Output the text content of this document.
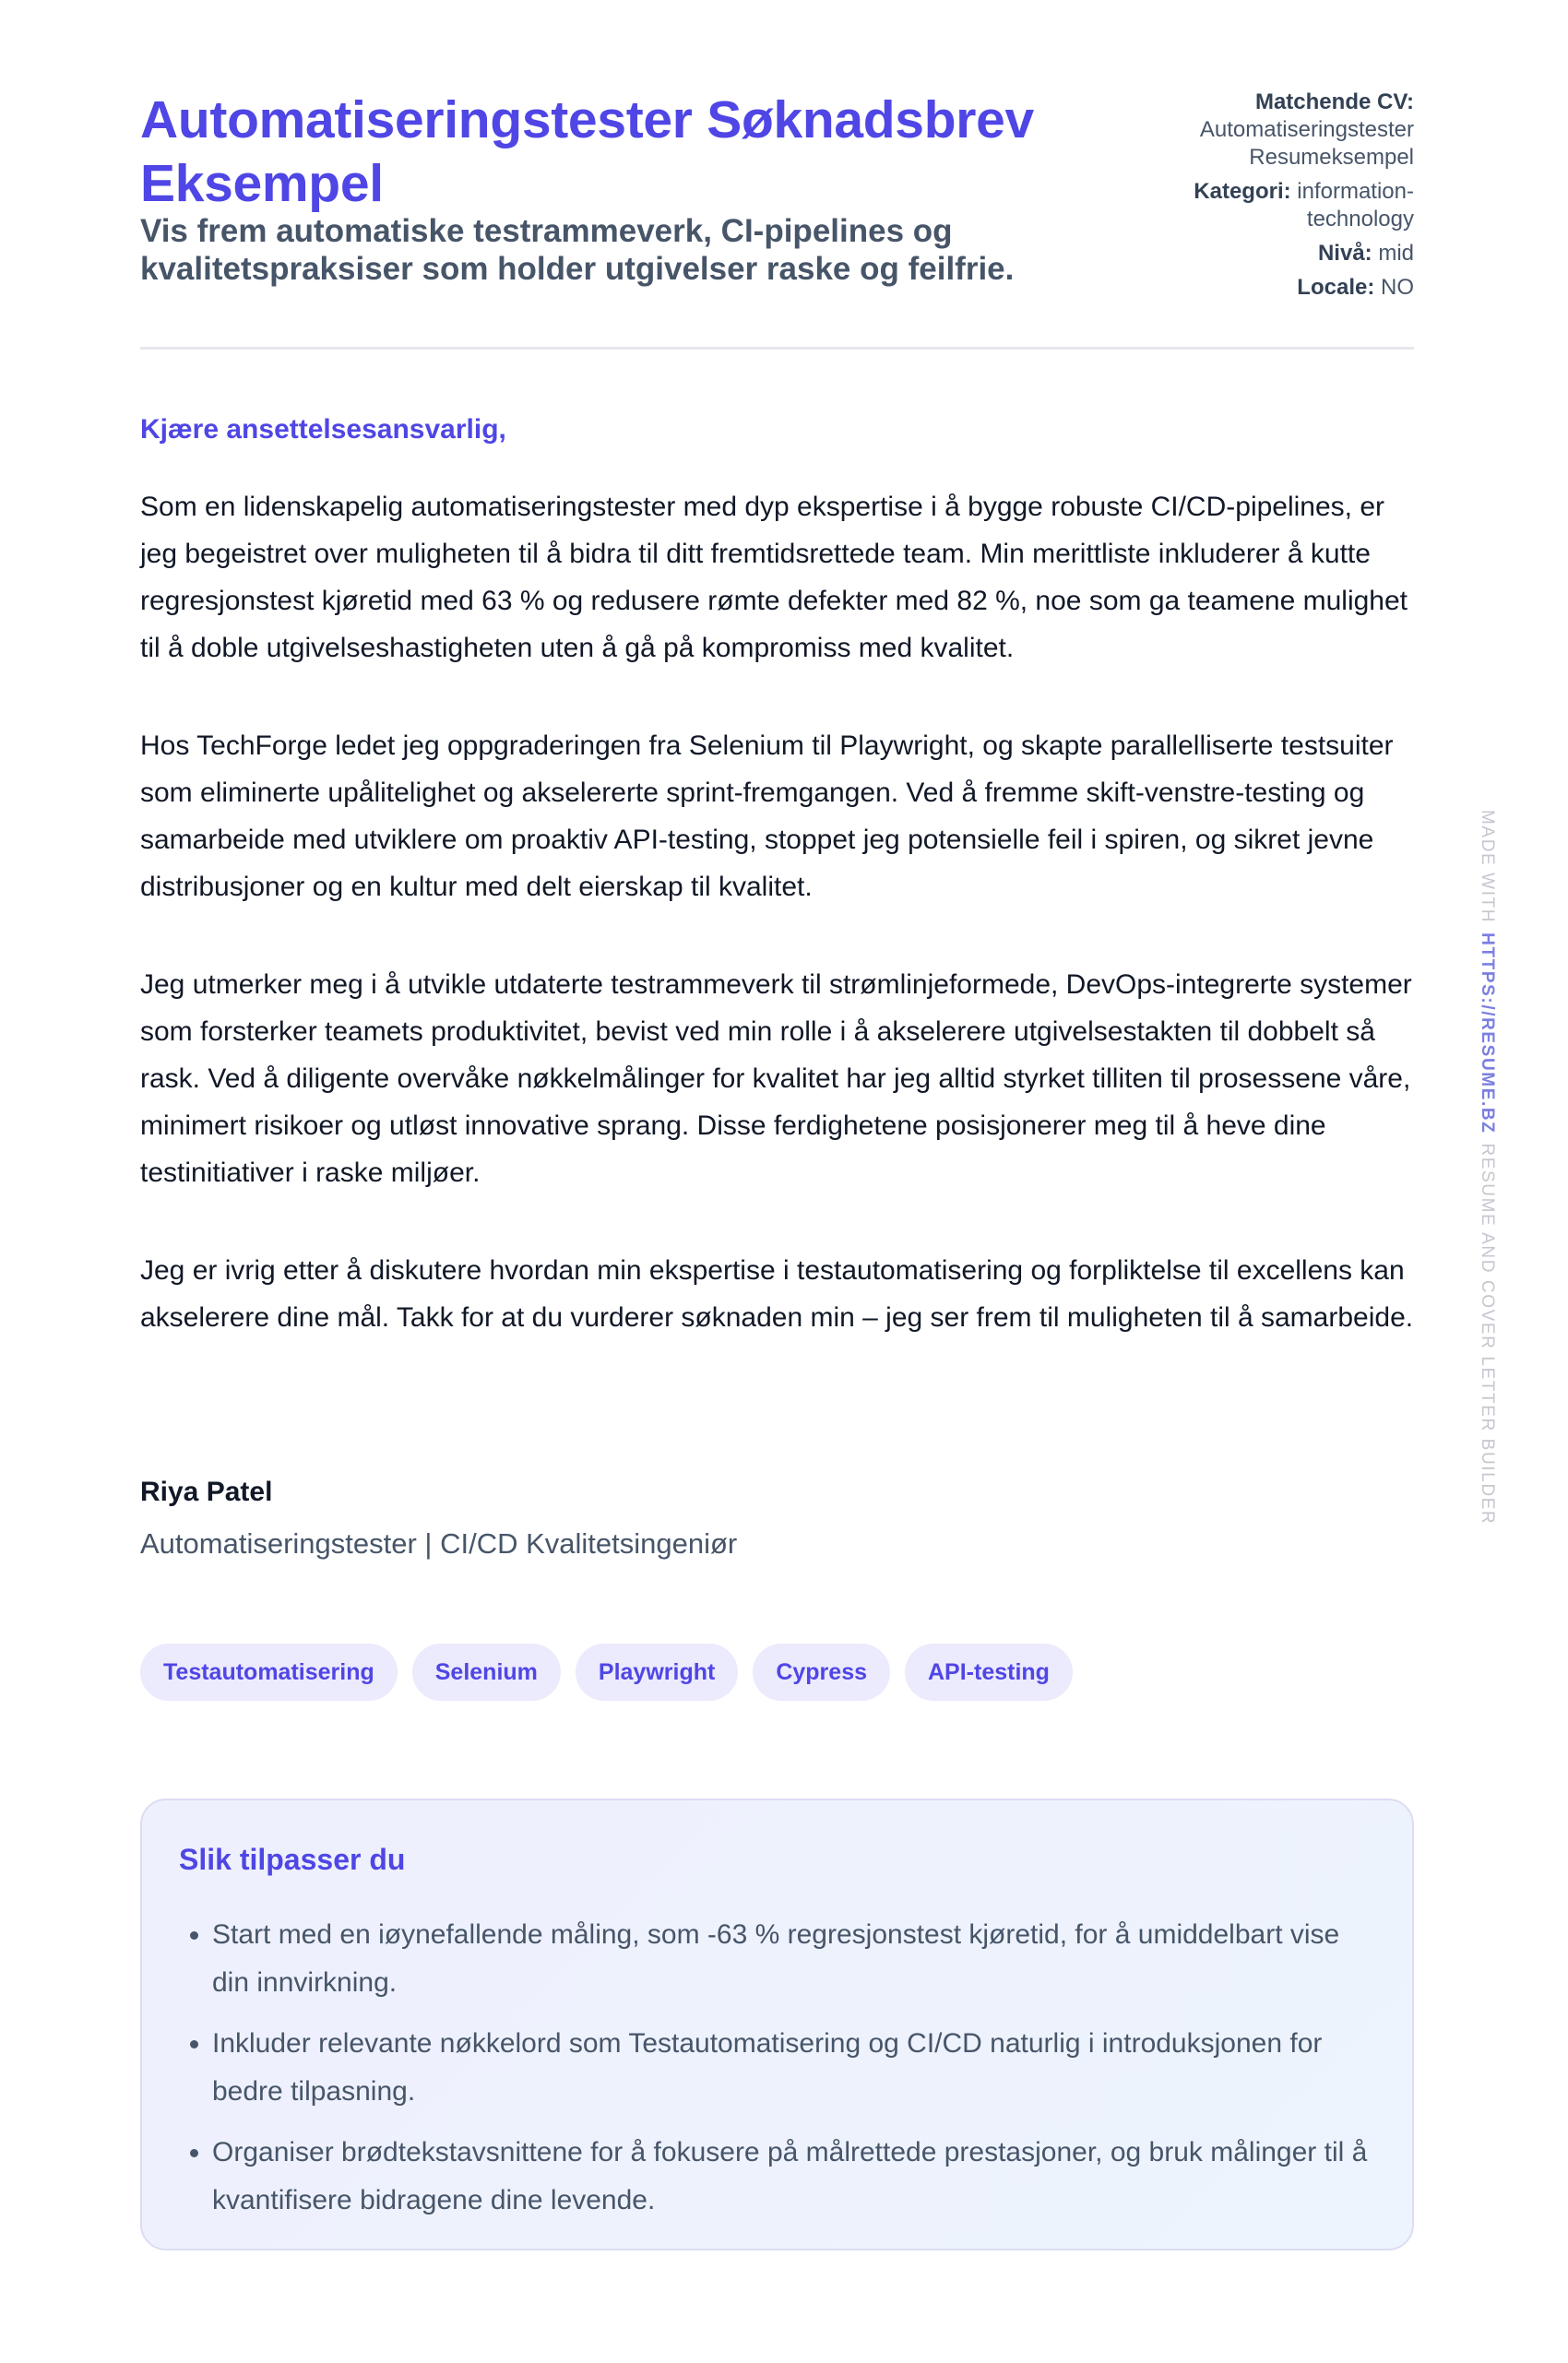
Automatiseringstester Søknadsbrev Eksempel
Vis frem automatiske testrammeverk, CI-pipelines og kvalitetspraksiser som holder utgivelser raske og feilfrie.
Matchende CV:
Automatiseringstester Resumeksempel
Kategori: information-technology
Nivå: mid
Locale: NO

Kjære ansettelsesansvarlig,

Som en lidenskapelig automatiseringstester med dyp ekspertise i å bygge robuste CI/CD-pipelines, er jeg begeistret over muligheten til å bidra til ditt fremtidsrettede team. Min merittliste inkluderer å kutte regresjonstest kjøretid med 63 % og redusere rømte defekter med 82 %, noe som ga teamene mulighet til å doble utgivelseshastigheten uten å gå på kompromiss med kvalitet.

Hos TechForge ledet jeg oppgraderingen fra Selenium til Playwright, og skapte parallelliserte testsuiter som eliminerte upålitelighet og akselererte sprint-fremgangen. Ved å fremme skift-venstre-testing og samarbeide med utviklere om proaktiv API-testing, stoppet jeg potensielle feil i spiren, og sikret jevne distribusjoner og en kultur med delt eierskap til kvalitet.

Jeg utmerker meg i å utvikle utdaterte testrammeverk til strømlinjeformede, DevOps-integrerte systemer som forsterker teamets produktivitet, bevist ved min rolle i å akselerere utgivelsestakten til dobbelt så rask. Ved å diligente overvåke nøkkelmålinger for kvalitet har jeg alltid styrket tilliten til prosessene våre, minimert risikoer og utløst innovative sprang. Disse ferdighetene posisjonerer meg til å heve dine testinitiativer i raske miljøer.

Jeg er ivrig etter å diskutere hvordan min ekspertise i testautomatisering og forpliktelse til excellens kan akselerere dine mål. Takk for at du vurderer søknaden min – jeg ser frem til muligheten til å samarbeide.

Riya Patel

Automatiseringstester | CI/CD Kvalitetsingeniør

Testautomatisering	Selenium	Playwright	Cypress	API-testing
Slik tilpasser du
• Start med en iøynefallende måling, som -63 % regresjonstest kjøretid, for å umiddelbart vise din innvirkning.
• Inkluder relevante nøkkelord som Testautomatisering og CI/CD naturlig i introduksjonen for bedre tilpasning.
• Organiser brødtekstavsnittene for å fokusere på målrettede prestasjoner, og bruk målinger til å kvantifisere bidragene dine levende.
MADE WITHHTTPS://RESUME.BZRESUME AND COVER LETTER BUILDER
